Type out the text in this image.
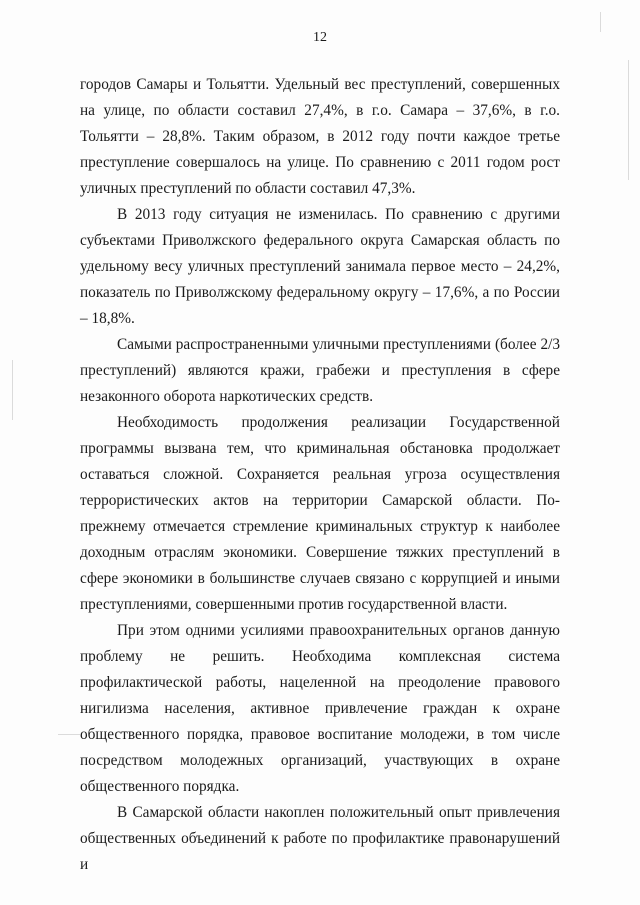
12

городов Самары и Тольятти. Удельный вес преступлений, совершенных на улице, по области составил 27,4%, в г.о. Самара – 37,6%, в г.о. Тольятти – 28,8%. Таким образом, в 2012 году почти каждое третье преступление совершалось на улице. По сравнению с 2011 годом рост уличных преступлений по области составил 47,3%.

В 2013 году ситуация не изменилась. По сравнению с другими субъектами Приволжского федерального округа Самарская область по удельному весу уличных преступлений занимала первое место – 24,2%, показатель по Приволжскому федеральному округу – 17,6%, а по России – 18,8%.

Самыми распространенными уличными преступлениями (более 2/3 преступлений) являются кражи, грабежи и преступления в сфере незаконного оборота наркотических средств.

Необходимость продолжения реализации Государственной программы вызвана тем, что криминальная обстановка продолжает оставаться сложной. Сохраняется реальная угроза осуществления террористических актов на территории Самарской области. По-прежнему отмечается стремление криминальных структур к наиболее доходным отраслям экономики. Совершение тяжких преступлений в сфере экономики в большинстве случаев связано с коррупцией и иными преступлениями, совершенными против государственной власти.

При этом одними усилиями правоохранительных органов данную проблему не решить. Необходима комплексная система профилактической работы, нацеленной на преодоление правового нигилизма населения, активное привлечение граждан к охране общественного порядка, правовое воспитание молодежи, в том числе посредством молодежных организаций, участвующих в охране общественного порядка.

В Самарской области накоплен положительный опыт привлечения общественных объединений к работе по профилактике правонарушений и
